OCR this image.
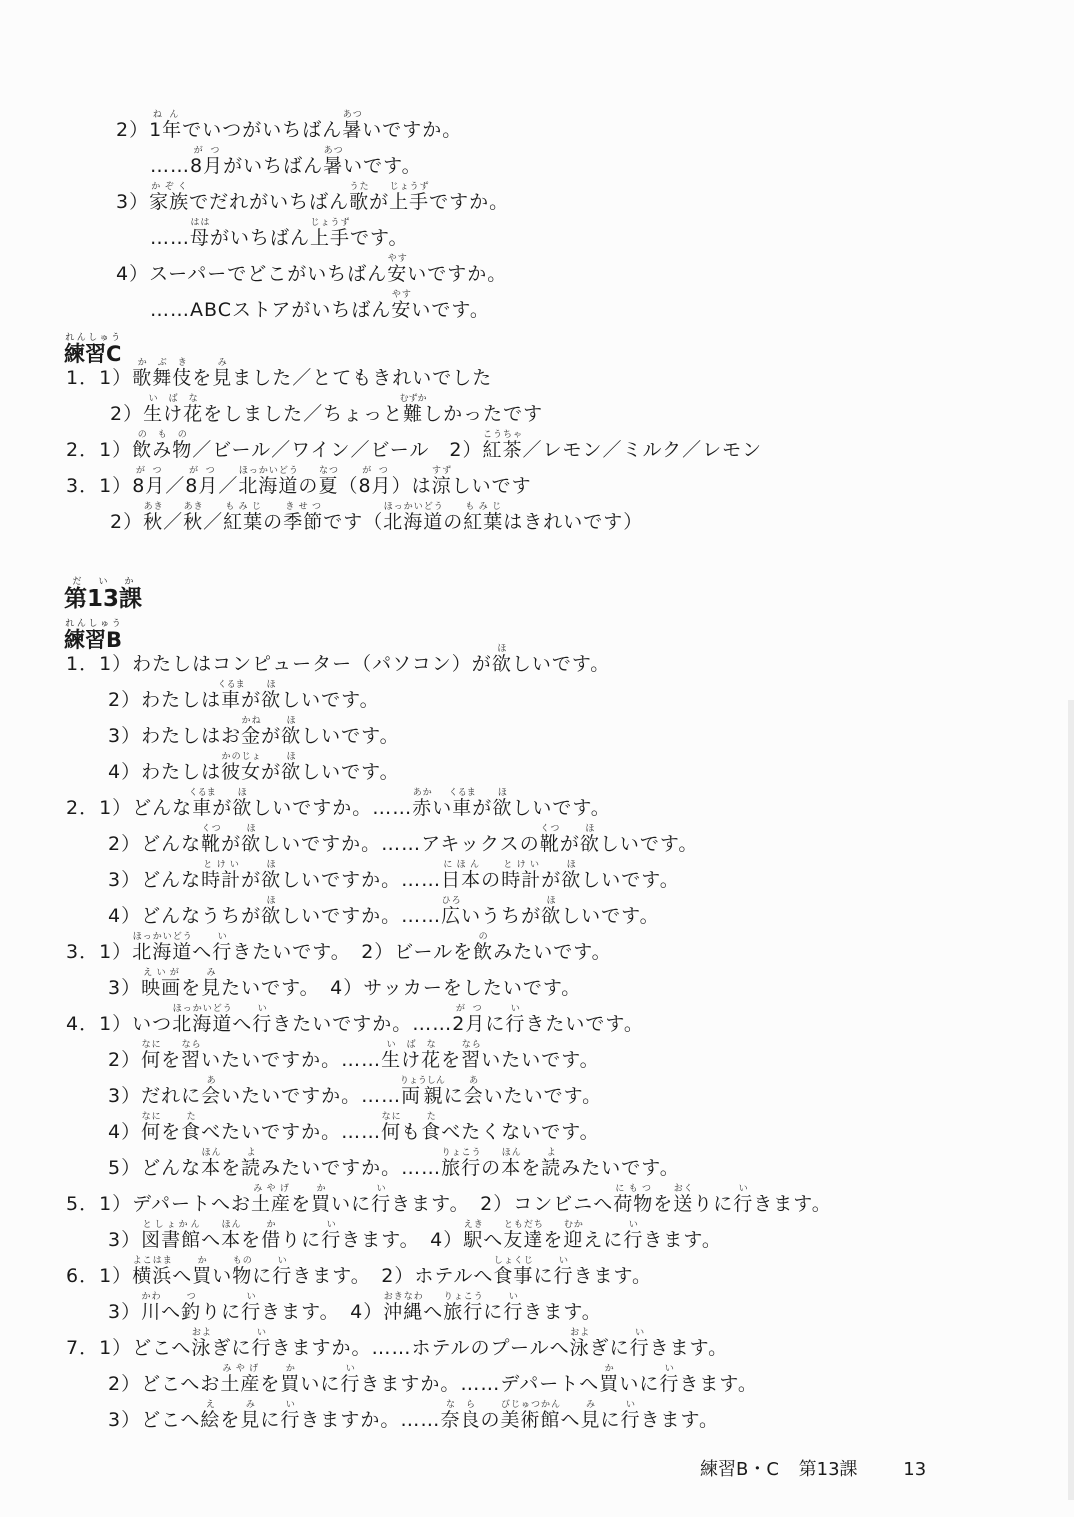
練習Cれんしゅう
第13課だいか
練習Bれんしゅう
2）1年ねんでいつがいちばん暑あついですか。
……8月がつがいちばん暑あついです。
3）家族かぞくでだれがいちばん歌うたが上手じょうずですか。
……母ははがいちばん上手じょうずです。
4）スーパーでどこがいちばん安やすいですか。
……ABCストアがいちばん安やすいです。
1．1）歌舞伎かぶきを見みました／とてもきれいでした
2）生け花いばなをしました／ちょっと難むずかしかったです
2．1）飲み物のもの／ビール／ワイン／ビール　2）紅茶こうちゃ／レモン／ミルク／レモン
3．1）8月がつ／8月がつ／北海道ほっかいどうの夏なつ（8月がつ）は涼すずしいです
2）秋あき／秋あき／紅葉もみじの季節きせつです（北海道ほっかいどうの紅葉もみじはきれいです）
1．1）わたしはコンピューター（パソコン）が欲ほしいです。
2）わたしは車くるまが欲ほしいです。
3）わたしはお金かねが欲ほしいです。
4）わたしは彼女かのじょが欲ほしいです。
2．1）どんな車くるまが欲ほしいですか。……赤あかい車くるまが欲ほしいです。
2）どんな靴くつが欲ほしいですか。……アキックスの靴くつが欲ほしいです。
3）どんな時計とけいが欲ほしいですか。……日本にほんの時計とけいが欲ほしいです。
4）どんなうちが欲ほしいですか。……広ひろいうちが欲ほしいです。
3．1）北海道ほっかいどうへ行いきたいです。　2）ビールを飲のみたいです。
3）映画えいがを見みたいです。　4）サッカーをしたいです。
4．1）いつ北海道ほっかいどうへ行いきたいですか。……2月がつに行いきたいです。
2）何なにを習ならいたいですか。……生け花いばなを習ならいたいです。
3）だれに会あいたいですか。……両親りょうしんに会あいたいです。
4）何なにを食たべたいですか。……何なにも食たべたくないです。
5）どんな本ほんを読よみたいですか。……旅行りょこうの本ほんを読よみたいです。
5．1）デパートへお土産みやげを買かいに行いきます。　2）コンビニへ荷物にもつを送おくりに行いきます。
3）図書館としょかんへ本ほんを借かりに行いきます。　4）駅えきへ友達ともだちを迎むかえに行いきます。
6．1）横浜よこはまへ買かい物ものに行いきます。　2）ホテルへ食事しょくじに行いきます。
3）川かわへ釣つりに行いきます。　4）沖縄おきなわへ旅行りょこうに行いきます。
7．1）どこへ泳およぎに行いきますか。……ホテルのプールへ泳およぎに行いきます。
2）どこへお土産みやげを買かいに行いきますか。……デパートへ買かいに行いきます。
3）どこへ絵えを見みに行いきますか。……奈良ならの美術館びじゅつかんへ見みに行いきます。
練習B・C 第13課	13
